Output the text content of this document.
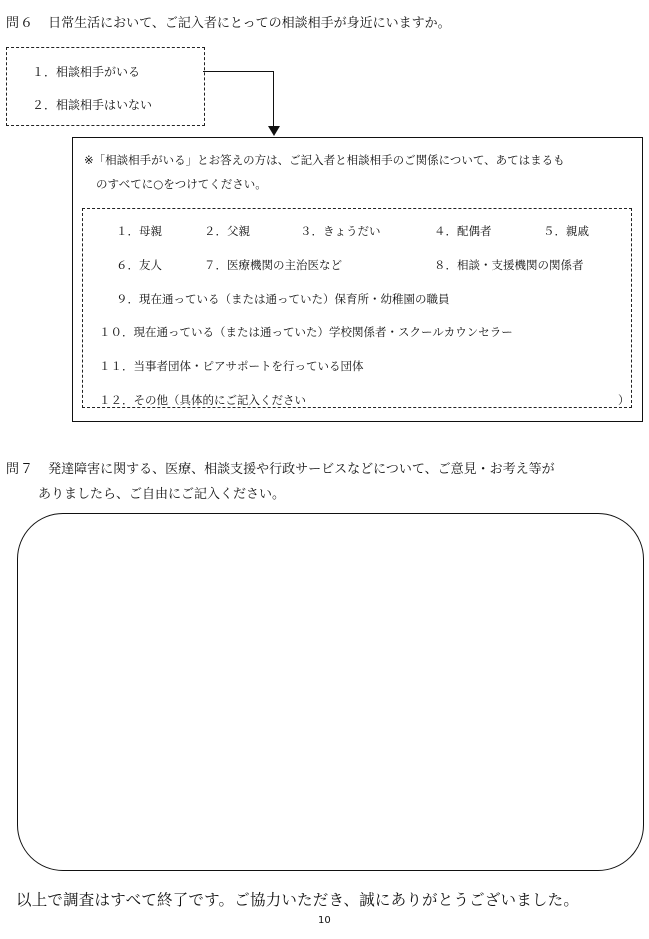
問６ 日常生活において、ご記入者にとっての相談相手が身近にいますか。
１．相談相手がいる
２．相談相手はいない
※「相談相手がいる」とお答えの方は、ご記入者と相談相手のご関係について、あてはまるも
のすべてに○をつけてください。
１．母親	２．父親	３．きょうだい	４．配偶者	５．親戚
６．友人	７．医療機関の主治医など	８．相談・支援機関の関係者
９．現在通っている（または通っていた）保育所・幼稚園の職員
１０．現在通っている（または通っていた）学校関係者・スクールカウンセラー
１１．当事者団体・ピアサポートを行っている団体
１２．その他（具体的にご記入ください	）
問７ 発達障害に関する、医療、相談支援や行政サービスなどについて、ご意見・お考え等が
ありましたら、ご自由にご記入ください。
以上で調査はすべて終了です。ご協力いただき、誠にありがとうございました。
10
